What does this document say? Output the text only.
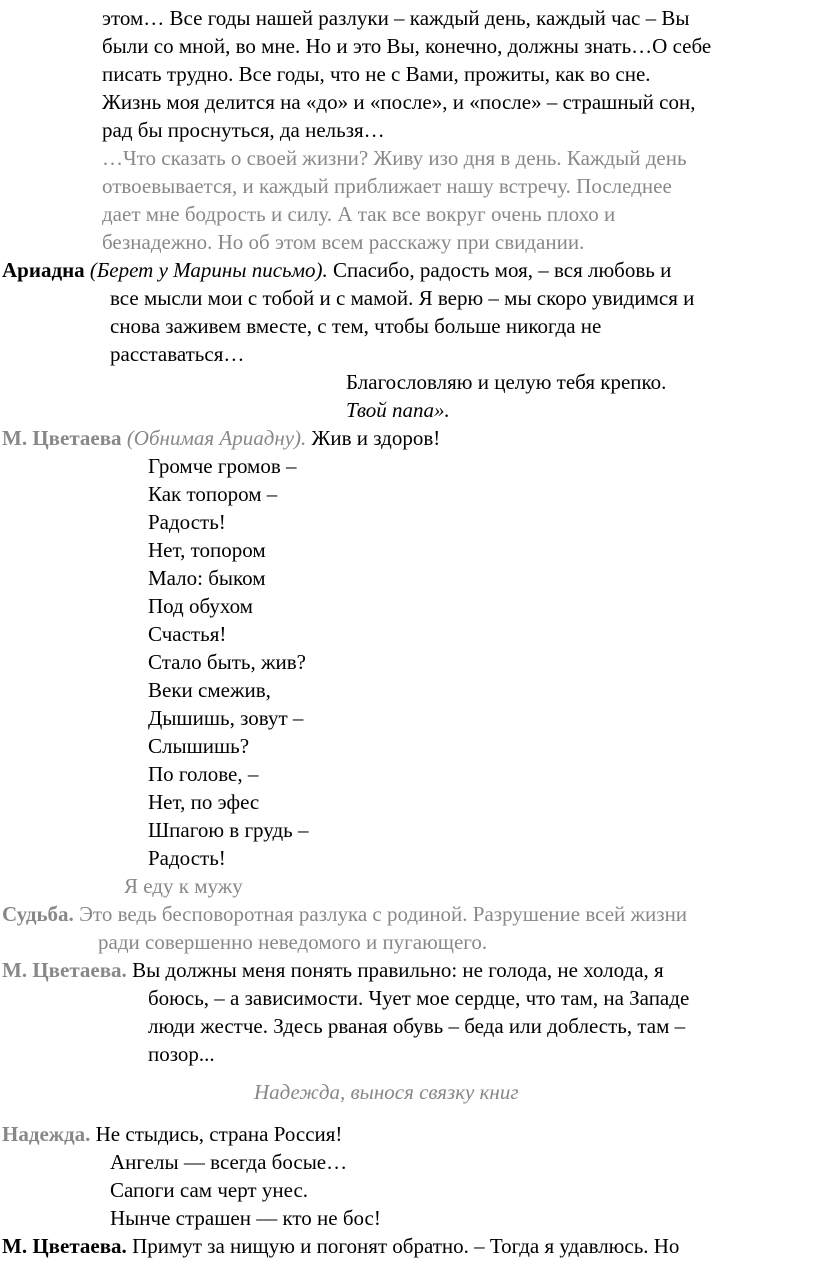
этом… Все годы нашей разлуки – каждый день, каждый час – Вы
были со мной, во мне. Но и это Вы, конечно, должны знать…О себе
писать трудно. Все годы, что не с Вами, прожиты, как во сне.
Жизнь моя делится на «до» и «после», и «после» – страшный сон,
рад бы проснуться, да нельзя…
…Что сказать о своей жизни? Живу изо дня в день. Каждый день
отвоевывается, и каждый приближает нашу встречу. Последнее
дает мне бодрость и силу. А так все вокруг очень плохо и
безнадежно. Но об этом всем расскажу при свидании.
Ариадна (Берет у Марины письмо). Спасибо, радость моя, – вся любовь и
все мысли мои с тобой и с мамой. Я верю – мы скоро увидимся и
снова заживем вместе, с тем, чтобы больше никогда не
расставаться…
Благословляю и целую тебя крепко.
Твой папа».
М. Цветаева (Обнимая Ариадну). Жив и здоров!
Громче громов –
Как топором –
Радость!
Нет, топором
Мало: быком
Под обухом
Счастья!
Стало быть, жив?
Веки смежив,
Дышишь, зовут –
Слышишь?
По голове, –
Нет, по эфес
Шпагою в грудь –
Радость!
Я еду к мужу
Судьба. Это ведь бесповоротная разлука с родиной. Разрушение всей жизни
ради совершенно неведомого и пугающего.
М. Цветаева. Вы должны меня понять правильно: не голода, не холода, я
боюсь, – а зависимости. Чует мое сердце, что там, на Западе
люди жестче. Здесь рваная обувь – беда или доблесть, там –
позор...
Надежда, вынося связку книг
Надежда. Не стыдись, страна Россия!
Ангелы — всегда босые…
Сапоги сам черт унес.
Нынче страшен — кто не бос!
М. Цветаева. Примут за нищую и погонят обратно. – Тогда я удавлюсь. Но
